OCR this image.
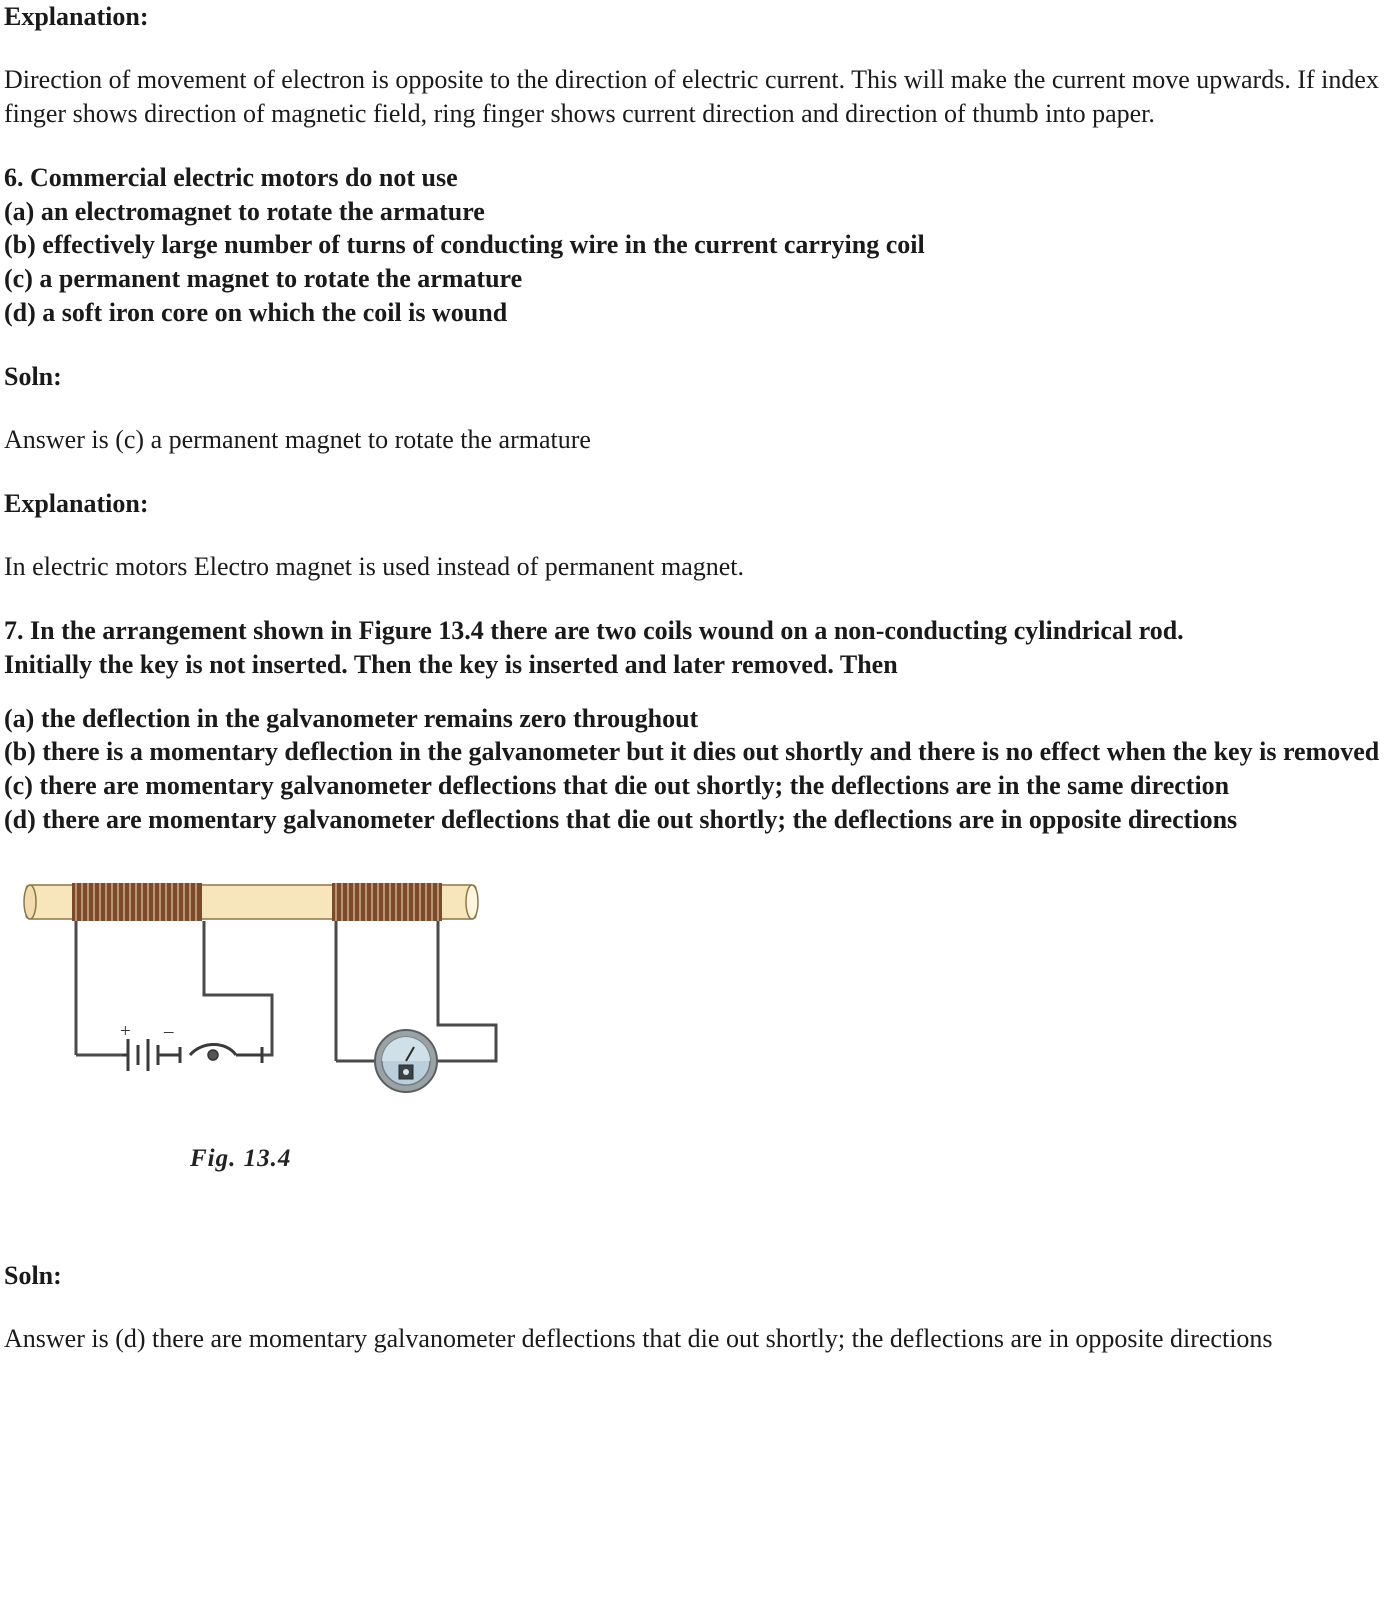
Explanation:
Direction of movement of electron is opposite to the direction of electric current. This will make the current move upwards. If index finger shows direction of magnetic field, ring finger shows current direction and direction of thumb into paper.
6. Commercial electric motors do not use
(a) an electromagnet to rotate the armature
(b) effectively large number of turns of conducting wire in the current carrying coil
(c) a permanent magnet to rotate the armature
(d) a soft iron core on which the coil is wound
Soln:
Answer is (c) a permanent magnet to rotate the armature
Explanation:
In electric motors Electro magnet is used instead of permanent magnet.
7. In the arrangement shown in Figure 13.4 there are two coils wound on a non-conducting cylindrical rod.
Initially the key is not inserted. Then the key is inserted and later removed. Then
(a) the deflection in the galvanometer remains zero throughout
(b) there is a momentary deflection in the galvanometer but it dies out shortly and there is no effect when the key is removed
(c) there are momentary galvanometer deflections that die out shortly; the deflections are in the same direction
(d) there are momentary galvanometer deflections that die out shortly; the deflections are in opposite directions
+ –
Fig. 13.4
Soln:
Answer is (d) there are momentary galvanometer deflections that die out shortly; the deflections are in opposite directions
